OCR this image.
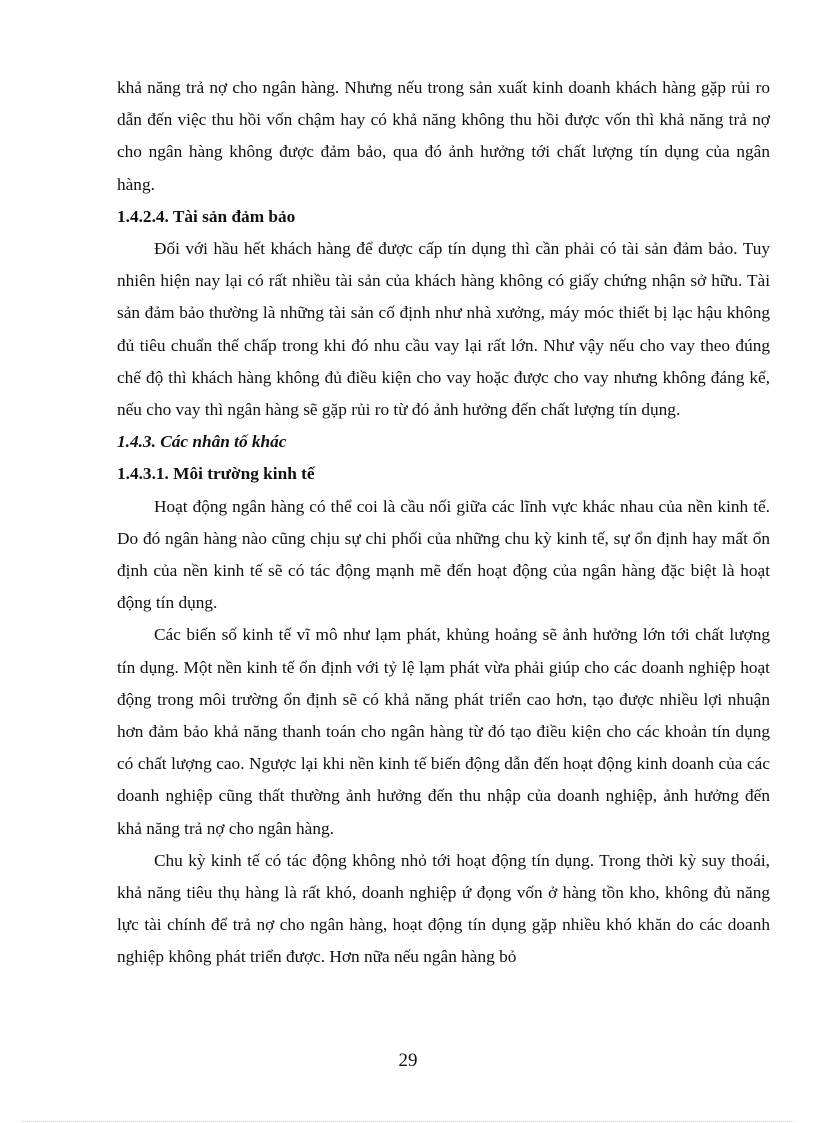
khả năng trả nợ cho ngân hàng. Nhưng nếu trong sản xuất kinh doanh khách hàng gặp rủi ro dẫn đến việc thu hồi vốn chậm hay có khả năng không thu hồi được vốn thì khả năng trả nợ cho ngân hàng không được đảm bảo, qua đó ảnh hưởng tới chất lượng tín dụng của ngân hàng.

1.4.2.4. Tài sản đảm bảo

Đối với hầu hết khách hàng để được cấp tín dụng thì cần phải có tài sản đảm bảo. Tuy nhiên hiện nay lại có rất nhiều tài sản của khách hàng không có giấy chứng nhận sở hữu. Tài sản đảm bảo thường là những tài sản cố định như nhà xưởng, máy móc thiết bị lạc hậu không đủ tiêu chuẩn thế chấp trong khi đó nhu cầu vay lại rất lớn. Như vậy nếu cho vay theo đúng chế độ thì khách hàng không đủ điều kiện cho vay hoặc được cho vay nhưng không đáng kể, nếu cho vay thì ngân hàng sẽ gặp rủi ro từ đó ảnh hưởng đến chất lượng tín dụng.

1.4.3. Các nhân tố khác

1.4.3.1. Môi trường kinh tế

Hoạt động ngân hàng có thể coi là cầu nối giữa các lĩnh vực khác nhau của nền kinh tế. Do đó ngân hàng nào cũng chịu sự chi phối của những chu kỳ kinh tế, sự ổn định hay mất ổn định của nền kinh tế sẽ có tác động mạnh mẽ đến hoạt động của ngân hàng đặc biệt là hoạt động tín dụng.

Các biến số kinh tế vĩ mô như lạm phát, khủng hoảng sẽ ảnh hưởng lớn tới chất lượng tín dụng. Một nền kinh tế ổn định với tỷ lệ lạm phát vừa phải giúp cho các doanh nghiệp hoạt động trong môi trường ổn định sẽ có khả năng phát triển cao hơn, tạo được nhiều lợi nhuận hơn đảm bảo khả năng thanh toán cho ngân hàng từ đó tạo điều kiện cho các khoản tín dụng có chất lượng cao. Ngược lại khi nền kinh tế biến động dẫn đến hoạt động kinh doanh của các doanh nghiệp cũng thất thường ảnh hưởng đến thu nhập của doanh nghiệp, ảnh hưởng đến khả năng trả nợ cho ngân hàng.

Chu kỳ kinh tế có tác động không nhỏ tới hoạt động tín dụng. Trong thời kỳ suy thoái, khả năng tiêu thụ hàng là rất khó, doanh nghiệp ứ đọng vốn ở hàng tồn kho, không đủ năng lực tài chính để trả nợ cho ngân hàng, hoạt động tín dụng gặp nhiều khó khăn do các doanh nghiệp không phát triển được. Hơn nữa nếu ngân hàng bỏ

29
